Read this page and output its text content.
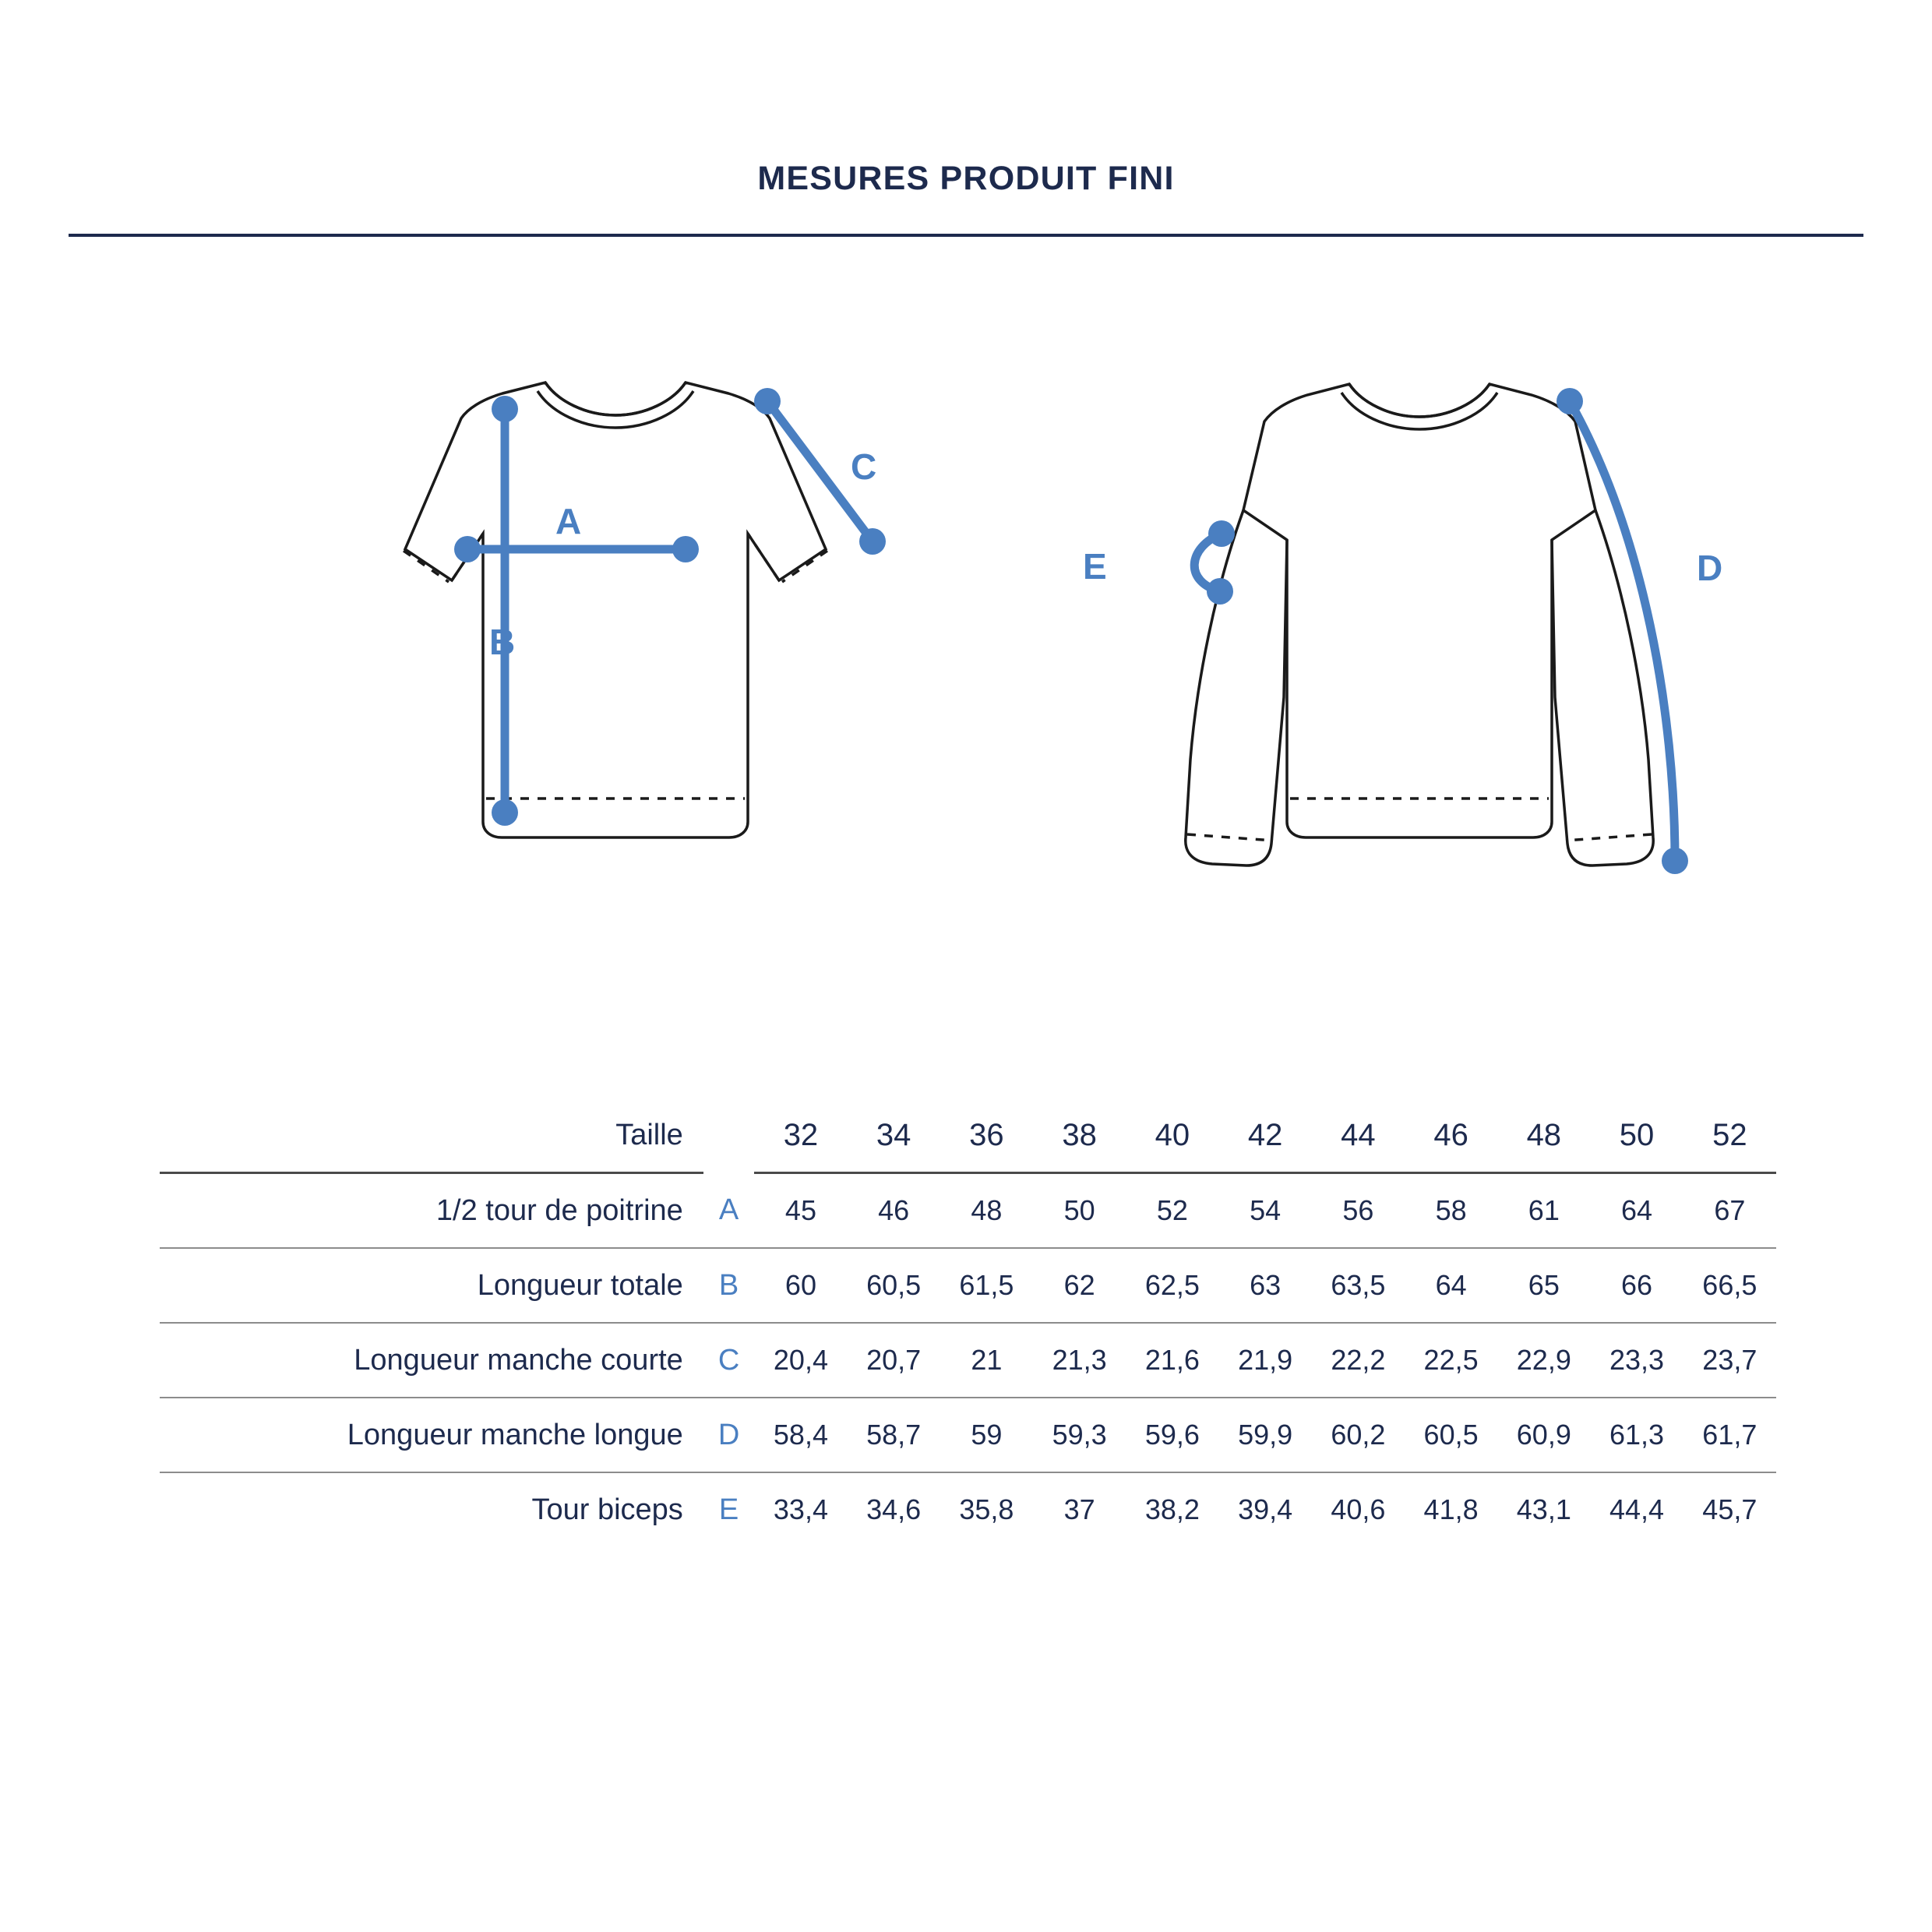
MESURES PRODUIT FINI
A
B
C
D
E
Taille		32	34	36	38	40	42	44	46	48	50	52
1/2 tour de poitrine	A	45	46	48	50	52	54	56	58	61	64	67
Longueur totale	B	60	60,5	61,5	62	62,5	63	63,5	64	65	66	66,5
Longueur manche courte	C	20,4	20,7	21	21,3	21,6	21,9	22,2	22,5	22,9	23,3	23,7
Longueur manche longue	D	58,4	58,7	59	59,3	59,6	59,9	60,2	60,5	60,9	61,3	61,7
Tour biceps	E	33,4	34,6	35,8	37	38,2	39,4	40,6	41,8	43,1	44,4	45,7
